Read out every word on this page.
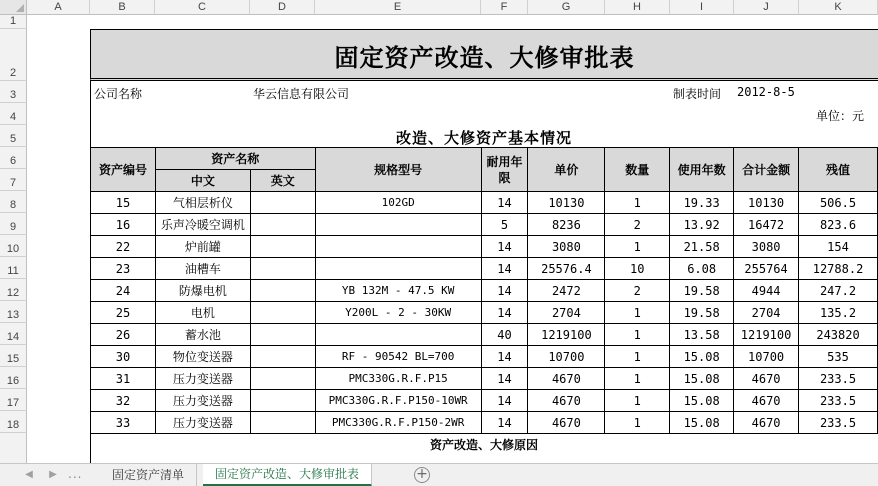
A	B	C	D	E	F	G	H	I	J	K
1
2
3
4
5
6
7
8
9
10
11
12
13
14
15
16
17
18
固定资产改造、大修审批表
公司名称	华云信息有限公司	制表时间 2012-8-5
单位：元
改造、大修资产基本情况
资产编号	资产名称		规格型号	耐用年限	单价	数量	使用年数	合计金额	残值
	中文	英文							
15	气相层析仪		102GD	14	10130	1	19.33	10130	506.5
16	乐声冷暖空调机			5	8236	2	13.92	16472	823.6
22	炉前罐			14	3080	1	21.58	3080	154
23	油槽车			14	25576.4	10	6.08	255764	12788.2
24	防爆电机		YB 132M - 47.5 KW	14	2472	2	19.58	4944	247.2
25	电机		Y200L - 2 - 30KW	14	2704	1	19.58	2704	135.2
26	蓄水池			40	1219100	1	13.58	1219100	243820
30	物位变送器		RF - 90542 BL=700	14	10700	1	15.08	10700	535
31	压力变送器		PMC330G.R.F.P15	14	4670	1	15.08	4670	233.5
32	压力变送器		PMC330G.R.F.P150-10WR	14	4670	1	15.08	4670	233.5
33	压力变送器		PMC330G.R.F.P150-2WR	14	4670	1	15.08	4670	233.5
资产改造、大修原因
◀	▶ ...	固定资产清单	固定资产改造、大修审批表	+
